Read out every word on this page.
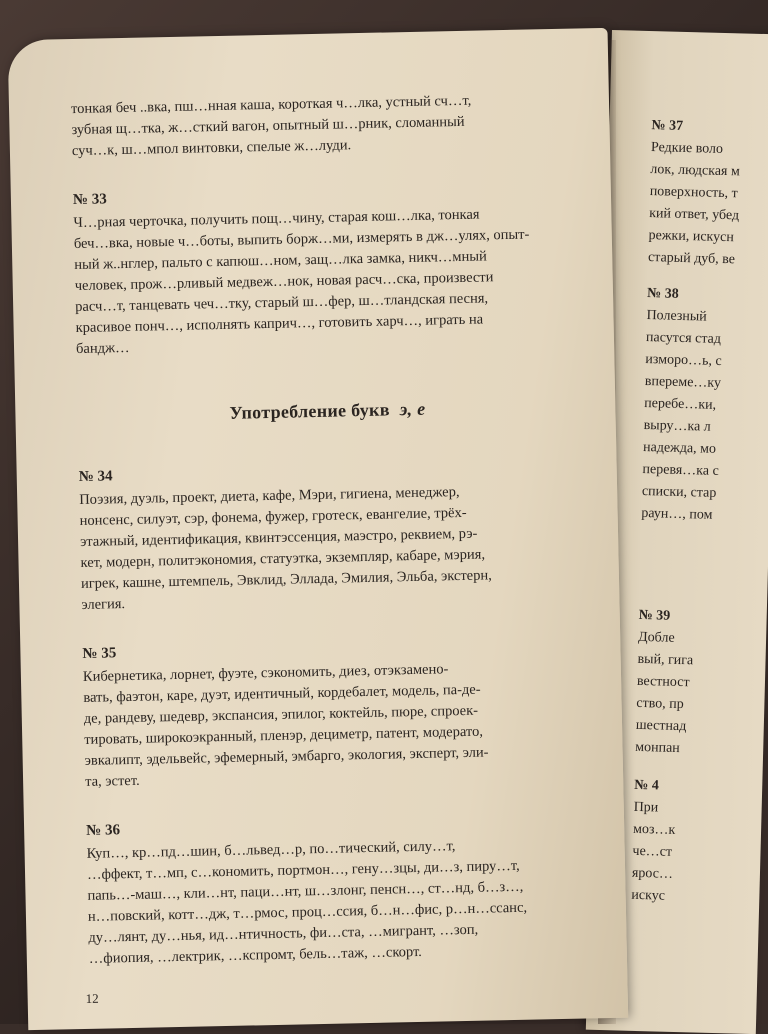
№ 37
Редкие воло
лок, людская м
поверхность, т
кий ответ, убед
режки, искусн
старый дуб, ве
№ 38
Полезный
пасутся стад
изморо…ь, с
впереме…ку
перебе…ки,
выру…ка л
надежда, мо
перевя…ка с
списки, стар
раун…, пом
№ 39
Добле
вый, гига
вестност
ство, пр
шестнад
монпан
№ 4
При
моз…к
че…ст
ярос…
искус
тонкая беч ..вка, пш…нная каша, короткая ч…лка, устный сч…т,
зубная щ…тка, ж…сткий вагон, опытный ш…рник, сломанный
суч…к, ш…мпол винтовки, спелые ж…луди.
№ 33
Ч…рная черточка, получить пощ…чину, старая кош…лка, тонкая
беч…вка, новые ч…боты, выпить борж…ми, измерять в дж…улях, опыт-
ный ж..нглер, пальто с капюш…ном, защ…лка замка, никч…мный
человек, прож…рливый медвеж…нок, новая расч…ска, произвести
расч…т, танцевать чеч…тку, старый ш…фер, ш…тландская песня,
красивое понч…, исполнять каприч…, готовить харч…, играть на
бандж…
Употребление букв э, е
№ 34
Поэзия, дуэль, проект, диета, кафе, Мэри, гигиена, менеджер,
нонсенс, силуэт, сэр, фонема, фужер, гротеск, евангелие, трёх-
этажный, идентификация, квинтэссенция, маэстро, реквием, рэ-
кет, модерн, политэкономия, статуэтка, экземпляр, кабаре, мэрия,
игрек, кашне, штемпель, Эвклид, Эллада, Эмилия, Эльба, экстерн,
элегия.
№ 35
Кибернетика, лорнет, фуэте, сэкономить, диез, отэкзамено-
вать, фаэтон, каре, дуэт, идентичный, кордебалет, модель, па-де-
де, рандеву, шедевр, экспансия, эпилог, коктейль, пюре, спроек-
тировать, широкоэкранный, пленэр, дециметр, патент, модерато,
эвкалипт, эдельвейс, эфемерный, эмбарго, экология, эксперт, эли-
та, эстет.
№ 36
Куп…, кр…пд…шин, б…львед…р, по…тический, силу…т,
…ффект, т…мп, с…кономить, портмон…, гену…зцы, ди…з, пиру…т,
папь…-маш…, кли…нт, паци…нт, ш…злонг, пенсн…, ст…нд, б…з…,
н…повский, котт…дж, т…рмос, проц…ссия, б…н…фис, р…н…ссанс,
ду…лянт, ду…нья, ид…нтичность, фи…ста, …мигрант, …зоп,
…фиопия, …лектрик, …кспромт, бель…таж, …скорт.
12
